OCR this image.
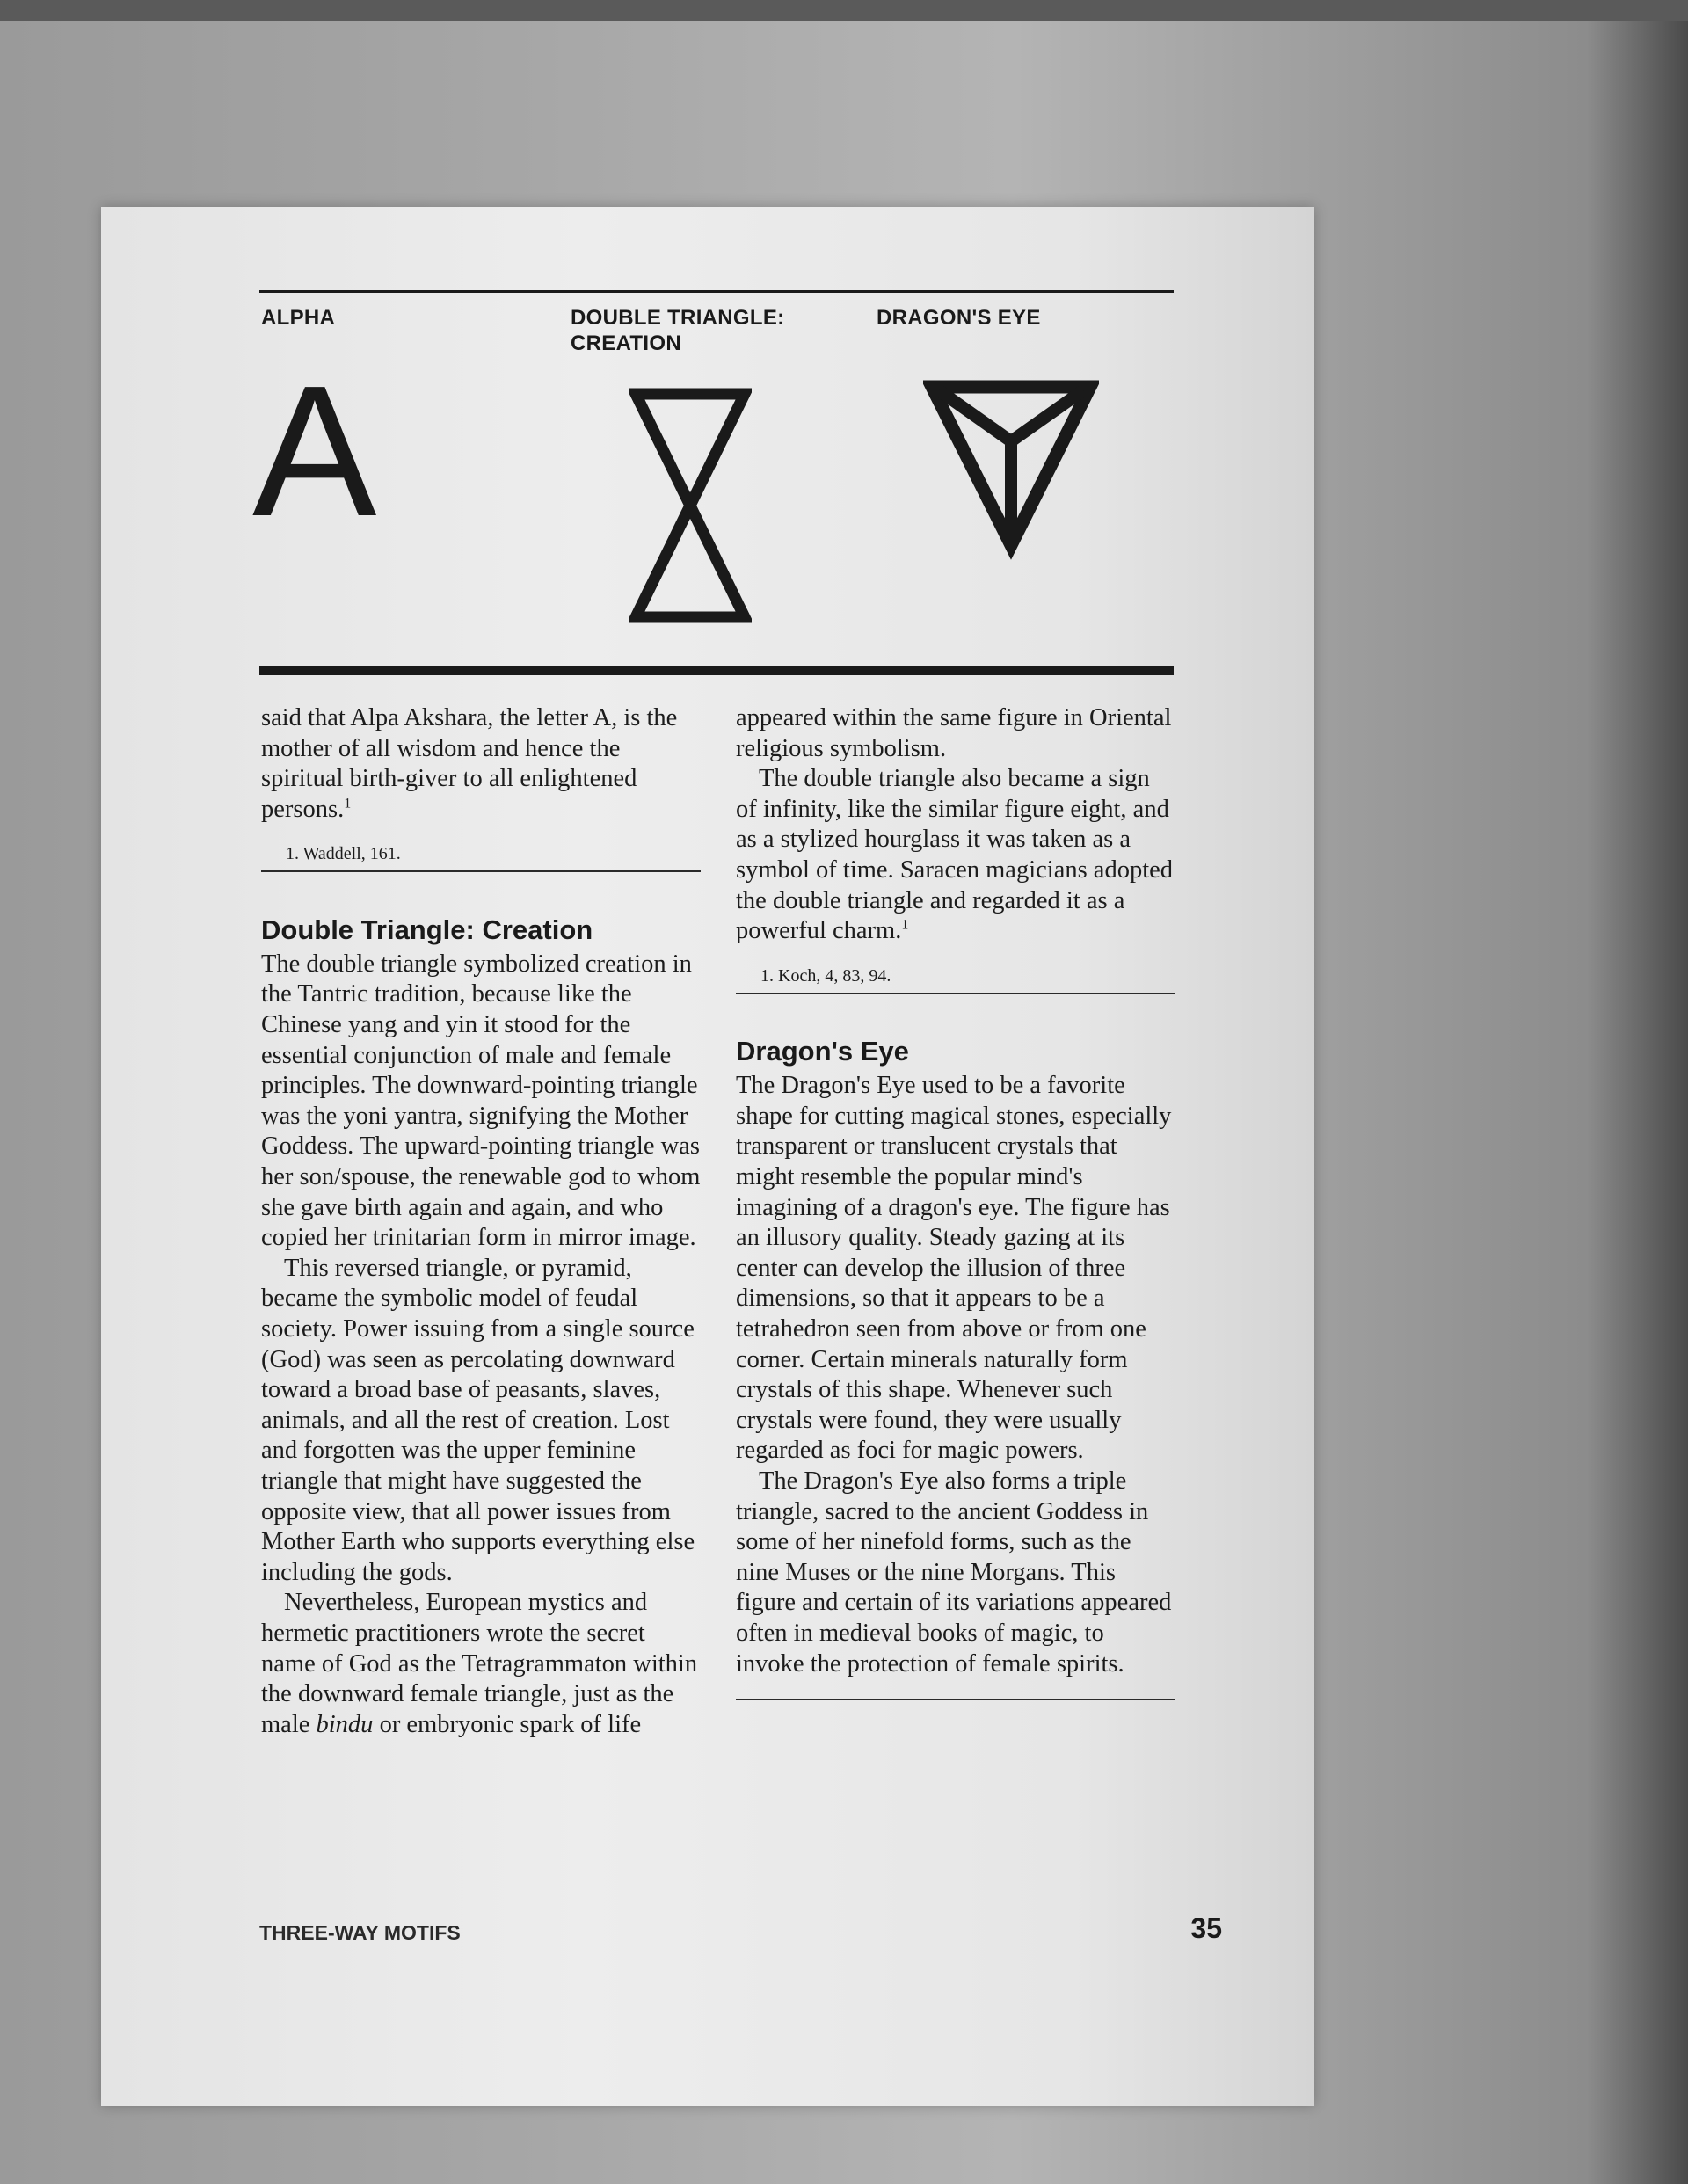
ALPHA	DOUBLE TRIANGLE:
CREATION
DRAGON'S EYE
A

said that Alpa Akshara, the letter A, is the mother of all wisdom and hence the spiritual birth-giver to all enlightened persons.$^1$

1. Waddell, 161.

Double Triangle: Creation

The double triangle symbolized creation in the Tantric tradition, because like the Chinese yang and yin it stood for the essential conjunction of male and female principles. The downward-pointing triangle was the yoni yantra, signifying the Mother Goddess. The upward-pointing triangle was her son/spouse, the renewable god to whom she gave birth again and again, and who copied her trinitarian form in mirror image.

This reversed triangle, or pyramid, became the symbolic model of feudal society. Power issuing from a single source (God) was seen as percolating downward toward a broad base of peasants, slaves, animals, and all the rest of creation. Lost and forgotten was the upper feminine triangle that might have suggested the opposite view, that all power issues from Mother Earth who supports everything else including the gods.

Nevertheless, European mystics and hermetic practitioners wrote the secret name of God as the Tetragrammaton within the downward female triangle, just as the male bindu or embryonic spark of life

appeared within the same figure in Oriental religious symbolism.

The double triangle also became a sign of infinity, like the similar figure eight, and as a stylized hourglass it was taken as a symbol of time. Saracen magicians adopted the double triangle and regarded it as a powerful charm.$^1$

1. Koch, 4, 83, 94.

Dragon's Eye

The Dragon's Eye used to be a favorite shape for cutting magical stones, especially transparent or translucent crystals that might resemble the popular mind's imagining of a dragon's eye. The figure has an illusory quality. Steady gazing at its center can develop the illusion of three dimensions, so that it appears to be a tetrahedron seen from above or from one corner. Certain minerals naturally form crystals of this shape. Whenever such crystals were found, they were usually regarded as foci for magic powers.

The Dragon's Eye also forms a triple triangle, sacred to the ancient Goddess in some of her ninefold forms, such as the nine Muses or the nine Morgans. This figure and certain of its variations appeared often in medieval books of magic, to invoke the protection of female spirits.

THREE-WAY MOTIFS	35
